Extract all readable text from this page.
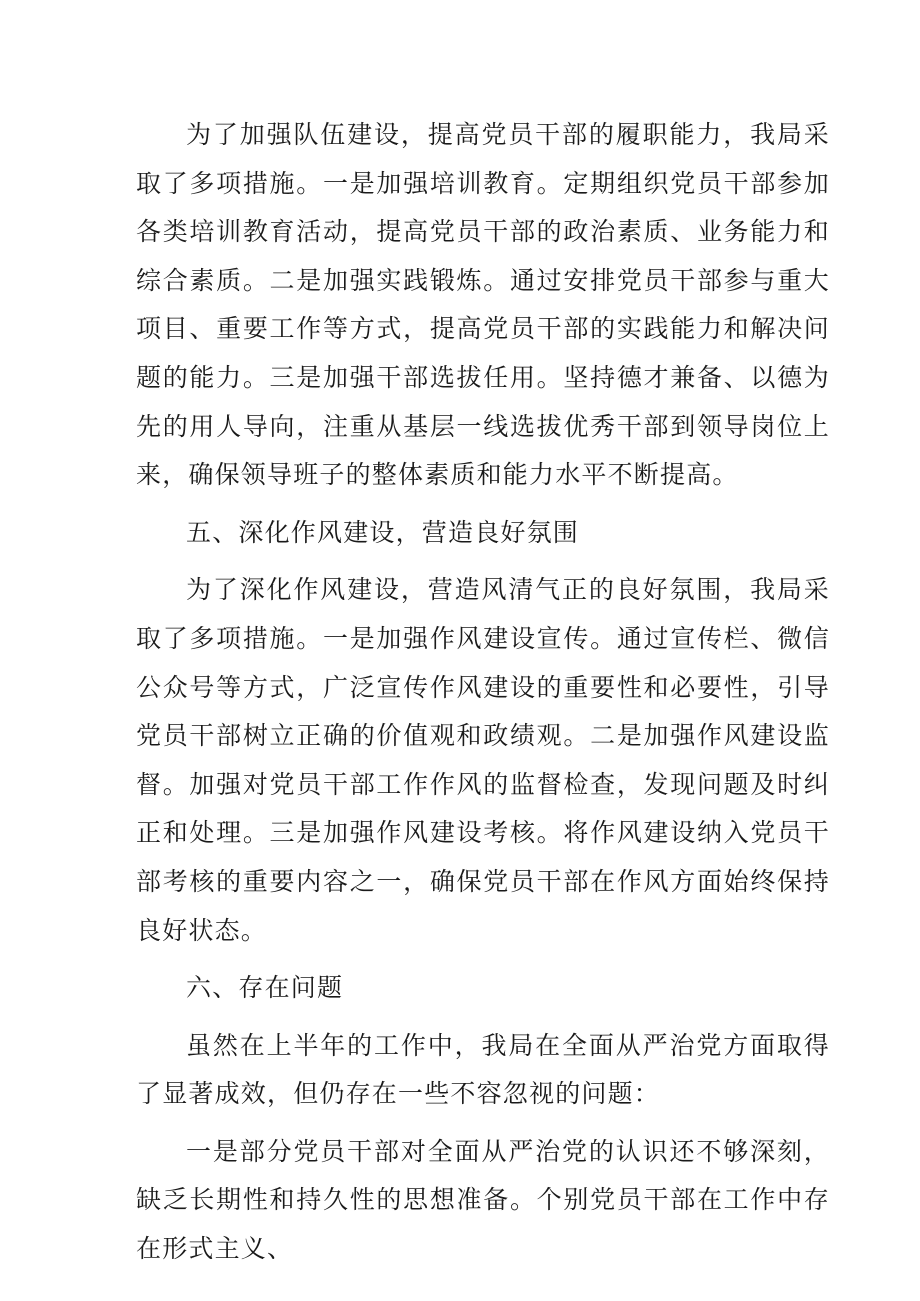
为了加强队伍建设，提高党员干部的履职能力，我局采取了多项措施。一是加强培训教育。定期组织党员干部参加各类培训教育活动，提高党员干部的政治素质、业务能力和综合素质。二是加强实践锻炼。通过安排党员干部参与重大项目、重要工作等方式，提高党员干部的实践能力和解决问题的能力。三是加强干部选拔任用。坚持德才兼备、以德为先的用人导向，注重从基层一线选拔优秀干部到领导岗位上来，确保领导班子的整体素质和能力水平不断提高。

五、深化作风建设，营造良好氛围

为了深化作风建设，营造风清气正的良好氛围，我局采取了多项措施。一是加强作风建设宣传。通过宣传栏、微信公众号等方式，广泛宣传作风建设的重要性和必要性，引导党员干部树立正确的价值观和政绩观。二是加强作风建设监督。加强对党员干部工作作风的监督检查，发现问题及时纠正和处理。三是加强作风建设考核。将作风建设纳入党员干部考核的重要内容之一，确保党员干部在作风方面始终保持良好状态。

六、存在问题

虽然在上半年的工作中，我局在全面从严治党方面取得了显著成效，但仍存在一些不容忽视的问题：

一是部分党员干部对全面从严治党的认识还不够深刻，缺乏长期性和持久性的思想准备。个别党员干部在工作中存在形式主义、
